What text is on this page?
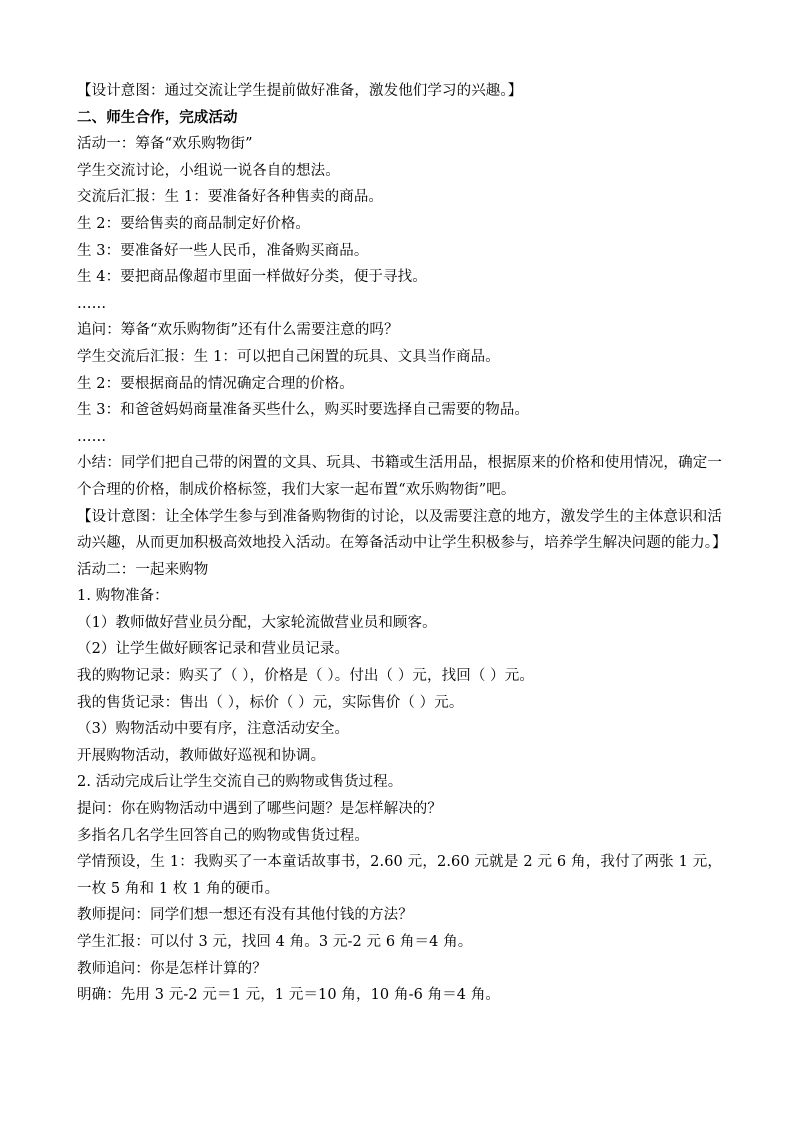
【设计意图：通过交流让学生提前做好准备，激发他们学习的兴趣。】
二、师生合作，完成活动
活动一：筹备“欢乐购物街”
学生交流讨论，小组说一说各自的想法。
交流后汇报：生 1：要准备好各种售卖的商品。
生 2：要给售卖的商品制定好价格。
生 3：要准备好一些人民币，准备购买商品。
生 4：要把商品像超市里面一样做好分类，便于寻找。
……
追问：筹备“欢乐购物街”还有什么需要注意的吗？
学生交流后汇报：生 1：可以把自己闲置的玩具、文具当作商品。
生 2：要根据商品的情况确定合理的价格。
生 3：和爸爸妈妈商量准备买些什么，购买时要选择自己需要的物品。
……
小结：同学们把自己带的闲置的文具、玩具、书籍或生活用品，根据原来的价格和使用情况，确定一个合理的价格，制成价格标签，我们大家一起布置“欢乐购物街”吧。
【设计意图：让全体学生参与到准备购物街的讨论，以及需要注意的地方，激发学生的主体意识和活动兴趣，从而更加积极高效地投入活动。在筹备活动中让学生积极参与，培养学生解决问题的能力。】
活动二：一起来购物
1. 购物准备：
（1）教师做好营业员分配，大家轮流做营业员和顾客。
（2）让学生做好顾客记录和营业员记录。
我的购物记录：购买了（ ），价格是（ ）。付出（ ）元，找回（ ）元。
我的售货记录：售出（ ），标价（ ）元，实际售价（ ）元。
（3）购物活动中要有序，注意活动安全。
开展购物活动，教师做好巡视和协调。
2. 活动完成后让学生交流自己的购物或售货过程。
提问：你在购物活动中遇到了哪些问题？是怎样解决的？
多指名几名学生回答自己的购物或售货过程。
学情预设，生 1：我购买了一本童话故事书，2.60 元，2.60 元就是 2 元 6 角，我付了两张 1 元，一枚 5 角和 1 枚 1 角的硬币。
教师提问：同学们想一想还有没有其他付钱的方法？
学生汇报：可以付 3 元，找回 4 角。3 元-2 元 6 角＝4 角。
教师追问：你是怎样计算的？
明确：先用 3 元-2 元＝1 元，1 元＝10 角，10 角-6 角＝4 角。
